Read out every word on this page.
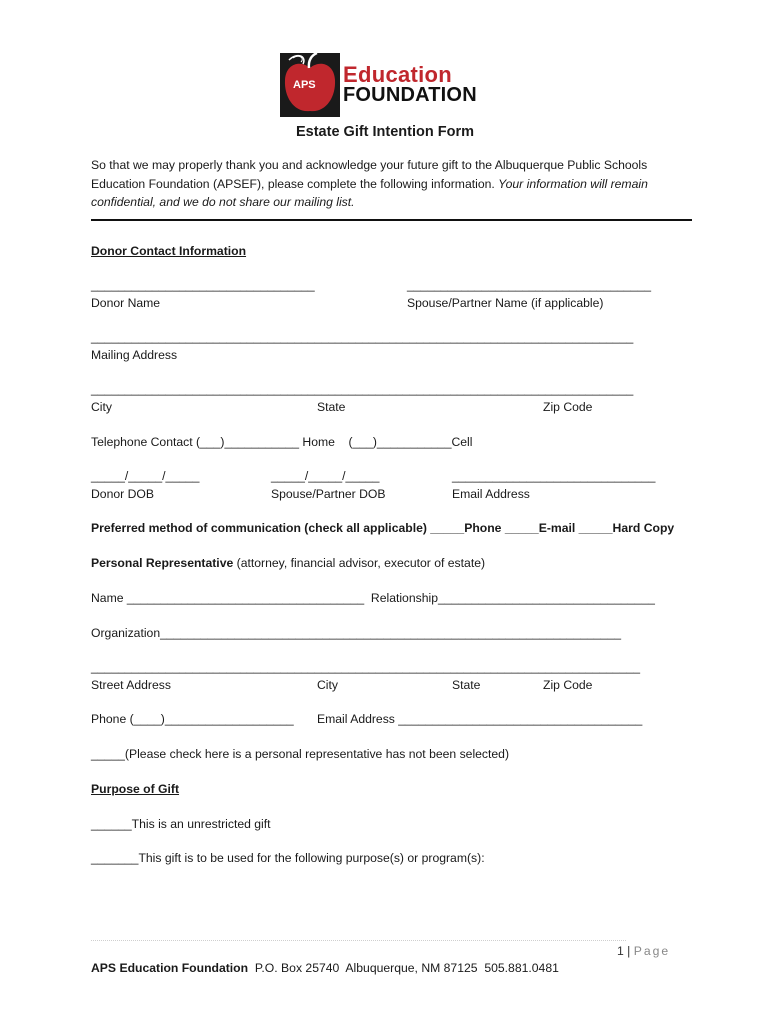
APS Education
FOUNDATION
Estate Gift Intention Form
So that we may properly thank you and acknowledge your future gift to the Albuquerque Public Schools Education Foundation (APSEF), please complete the following information. Your information will remain confidential, and we do not share our mailing list.
Donor Contact Information
_________________________________
Donor Name
____________________________________
Spouse/Partner Name (if applicable)
________________________________________________________________________________
Mailing Address
________________________________________________________________________________
City	State	Zip Code
Telephone Contact (___)___________ Home    (___)___________Cell
_____/_____/_____
Donor DOB
_____/_____/_____
Spouse/Partner DOB
______________________________
Email Address
Preferred method of communication (check all applicable) _____Phone _____E-mail _____Hard Copy
Personal Representative (attorney, financial advisor, executor of estate)
Name ___________________________________  Relationship________________________________
Organization____________________________________________________________________
_________________________________________________________________________________
Street Address	City	State	Zip Code
Phone (____)___________________ Email Address ____________________________________
_____(Please check here is a personal representative has not been selected)
Purpose of Gift
______This is an unrestricted gift
_______This gift is to be used for the following purpose(s) or program(s):
1 | Page
APS Education Foundation  P.O. Box 25740  Albuquerque, NM 87125  505.881.0481
